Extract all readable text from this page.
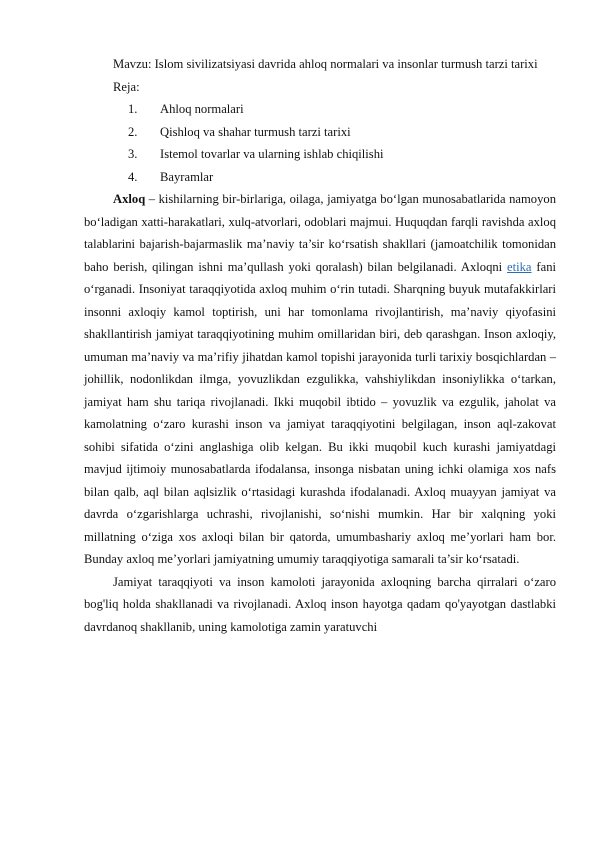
Mavzu: Islom sivilizatsiyasi davrida ahloq normalari va insonlar turmush tarzi tarixi

Reja:

1.	Ahloq normalari
2.	Qishloq va shahar turmush tarzi tarixi
3.	Istemol tovarlar va ularning ishlab chiqilishi
4.	Bayramlar

Axloq – kishilarning bir-birlariga, oilaga, jamiyatga bo‘lgan munosabatlarida namoyon bo‘ladigan xatti-harakatlari, xulq-atvorlari, odoblari majmui. Huquqdan farqli ravishda axloq talablarini bajarish-bajarmaslik ma’naviy ta’sir ko‘rsatish shakllari (jamoatchilik tomonidan baho berish, qilingan ishni ma’qullash yoki qoralash) bilan belgilanadi. Axloqni etika fani o‘rganadi. Insoniyat taraqqiyotida axloq muhim o‘rin tutadi. Sharqning buyuk mutafakkirlari insonni axloqiy kamol toptirish, uni har tomonlama rivojlantirish, ma’naviy qiyofasini shakllantirish jamiyat taraqqiyotining muhim omillaridan biri, deb qarashgan. Inson axloqiy, umuman ma’naviy va ma’rifiy jihatdan kamol topishi jarayonida turli tarixiy bosqichlardan – johillik, nodonlikdan ilmga, yovuzlikdan ezgulikka, vahshiylikdan insoniylikka o‘tarkan, jamiyat ham shu tariqa rivojlanadi. Ikki muqobil ibtido – yovuzlik va ezgulik, jaholat va kamolatning o‘zaro kurashi inson va jamiyat taraqqiyotini belgilagan, inson aql-zakovat sohibi sifatida o‘zini anglashiga olib kelgan. Bu ikki muqobil kuch kurashi jamiyatdagi mavjud ijtimoiy munosabatlarda ifodalansa, insonga nisbatan uning ichki olamiga xos nafs bilan qalb, aql bilan aqlsizlik o‘rtasidagi kurashda ifodalanadi. Axloq muayyan jamiyat va davrda o‘zgarishlarga uchrashi, rivojlanishi, so‘nishi mumkin. Har bir xalqning yoki millatning o‘ziga xos axloqi bilan bir qatorda, umumbashariy axloq me’yorlari ham bor. Bunday axloq me’yorlari jamiyatning umumiy taraqqiyotiga samarali ta’sir ko‘rsatadi.

Jamiyat taraqqiyoti va inson kamoloti jarayonida axloqning barcha qirralari o‘zaro bog'liq holda shakllanadi va rivojlanadi. Axloq inson hayotga qadam qo'yayotgan dastlabki davrdanoq shakllanib, uning kamolotiga zamin yaratuvchi
